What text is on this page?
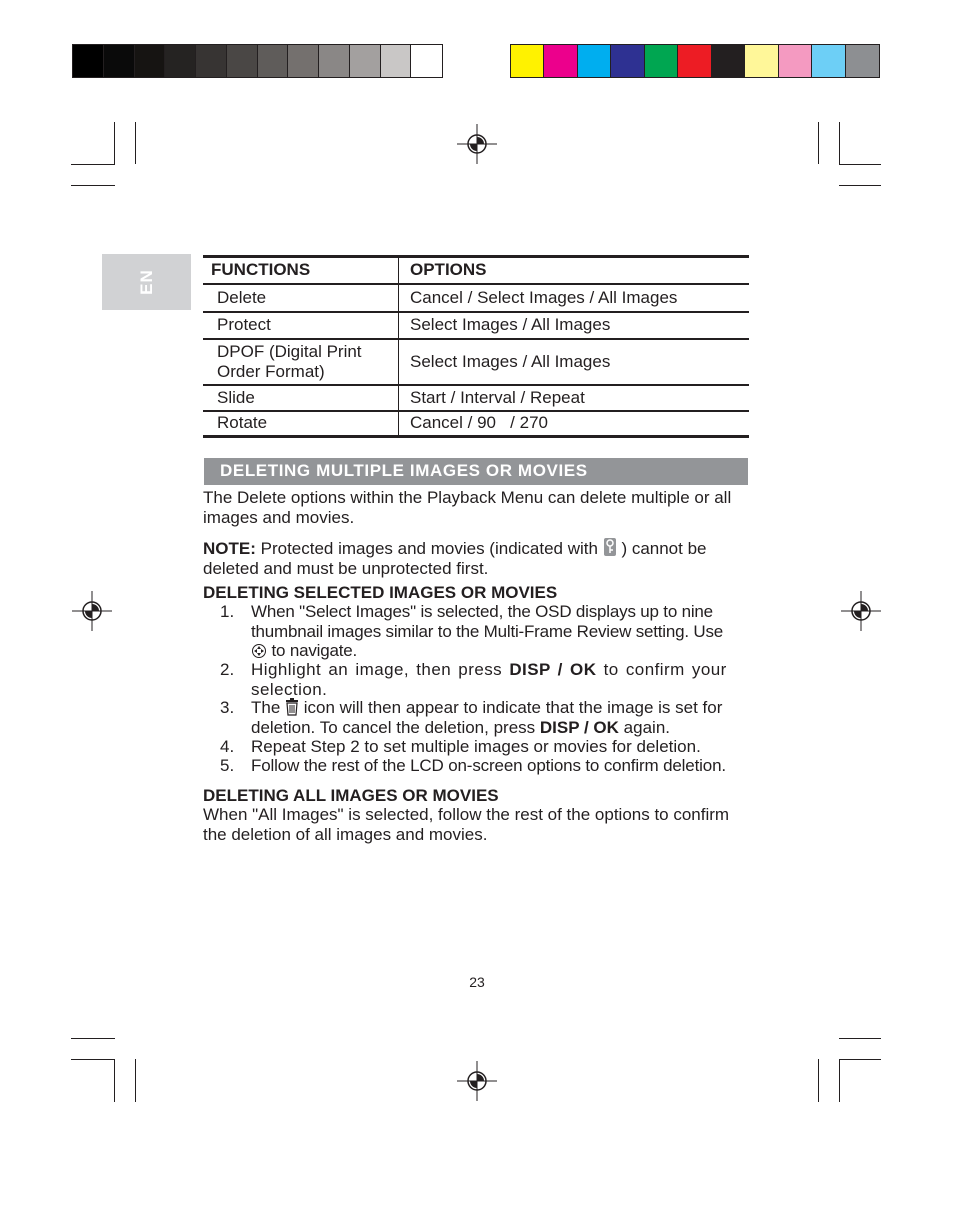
EN	FUNCTIONS	OPTIONS
Delete	Cancel / Select Images / All Images
Protect	Select Images / All Images
DPOF (Digital Print Order Format)	Select Images / All Images
Slide	Start / Interval / Repeat
Rotate	Cancel / 90   / 270
DELETING MULTIPLE IMAGES OR MOVIES
The Delete options within the Playback Menu can delete multiple or all images and movies.
NOTE: Protected images and movies (indicated with ) cannot be deleted and must be unprotected first.
DELETING SELECTED IMAGES OR MOVIES
1. When "Select Images" is selected, the OSD displays up to nine thumbnail images similar to the Multi-Frame Review setting. Use
to navigate.
2. Highlight an image, then press DISP / OK to confirm your selection.
3. The icon will then appear to indicate that the image is set for deletion. To cancel the deletion, press DISP / OK again.
4. Repeat Step 2 to set multiple images or movies for deletion.
5. Follow the rest of the LCD on-screen options to confirm deletion.
DELETING ALL IMAGES OR MOVIES
When "All Images" is selected, follow the rest of the options to confirm the deletion of all images and movies.
23
